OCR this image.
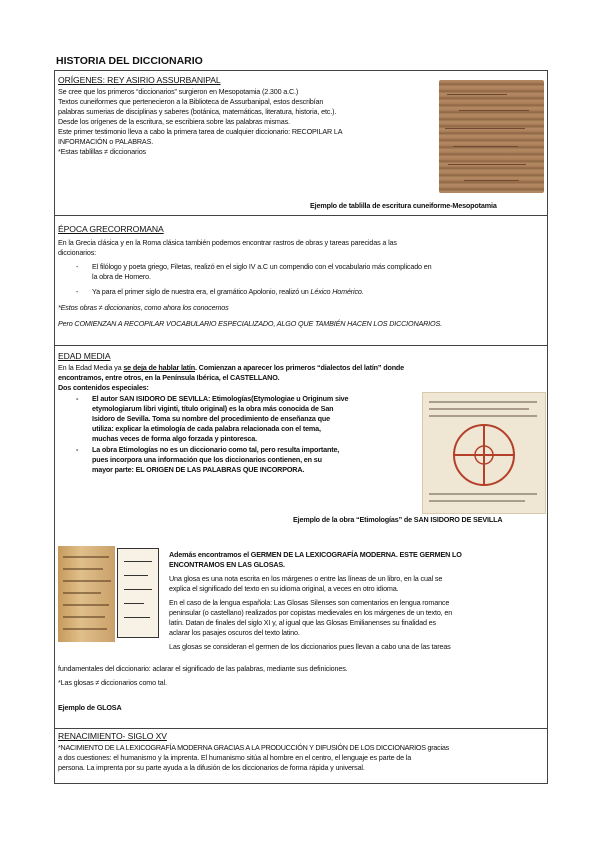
HISTORIA DEL DICCIONARIO
ORÍGENES: REY ASIRIO ASSURBANIPAL

Se cree que los primeros “diccionarios” surgieron en Mesopotamia (2.300 a.C.)

Textos cuneiformes que pertenecieron a la Biblioteca de Assurbanipal, estos describían

palabras sumerias de disciplinas y saberes (botánica, matemáticas, literatura, historia, etc.).

Desde los orígenes de la escritura, se escribiera sobre las palabras mismas.

Este primer testimonio lleva a cabo la primera tarea de cualquier diccionario: RECOPILAR LA

INFORMACIÓN o PALABRAS.

*Estas tablillas ≠ diccionarios

Ejemplo de tablilla de escritura cuneiforme-Mesopotamia
ÉPOCA GRECORROMANA

En la Grecia clásica y en la Roma clásica también podemos encontrar rastros de obras y tareas parecidas a las

diccionarios:

- El filólogo y poeta griego, Filetas, realizó en el siglo IV a.C un compendio con el vocabulario más complicado en
la obra de Homero.
- Ya para el primer siglo de nuestra era, el gramático Apolonio, realizó un Léxico Homérico.

*Estos obras ≠ diccionarios, como ahora los conocemos

Pero COMIENZAN A RECOPILAR VOCABULARIO ESPECIALIZADO, ALGO QUE TAMBIÉN HACEN LOS DICCIONARIOS.

EDAD MEDIA

En la Edad Media ya se deja de hablar latín. Comienzan a aparecer los primeros “dialectos del latín” donde

encontramos, entre otros, en la Península Ibérica, el CASTELLANO.

Dos contenidos especiales:

- El autor SAN ISIDORO DE SEVILLA: Etimologías(Etymologiae u Originum sive
etymologiarum libri viginti, título original) es la obra más conocida de San
Isidoro de Sevilla. Toma su nombre del procedimiento de enseñanza que
utiliza: explicar la etimología de cada palabra relacionada con el tema,
muchas veces de forma algo forzada y pintoresca.
- La obra Etimologías no es un diccionario como tal, pero resulta importante,
pues incorpora una información que los diccionarios contienen, en su
mayor parte: EL ORIGEN DE LAS PALABRAS QUE INCORPORA.
Ejemplo de la obra “Etimologías” de SAN ISIDORO DE SEVILLA

Además encontramos el GERMEN DE LA LEXICOGRAFÍA MODERNA. ESTE GERMEN LO

ENCONTRAMOS EN LAS GLOSAS.

Una glosa es una nota escrita en los márgenes o entre las líneas de un libro, en la cual se

explica el significado del texto en su idioma original, a veces en otro idioma.

En el caso de la lengua española: Las Glosas Silenses son comentarios en lengua romance

peninsular (o castellano) realizados por copistas medievales en los márgenes de un texto, en

latín. Datan de finales del siglo XI y, al igual que las Glosas Emilianenses su finalidad es

aclarar los pasajes oscuros del texto latino.

Las glosas se consideran el germen de los diccionarios pues llevan a cabo una de las tareas

fundamentales del diccionario: aclarar el significado de las palabras, mediante sus definiciones.

*Las glosas ≠ diccionarios como tal.

Ejemplo de GLOSA
RENACIMIENTO- SIGLO XV

*NACIMIENTO DE LA LEXICOGRAFÍA MODERNA GRACIAS A LA PRODUCCIÓN Y DIFUSIÓN DE LOS DICCIONARIOS gracias

a dos cuestiones: el humanismo y la imprenta. El humanismo sitúa al hombre en el centro, el lenguaje es parte de la

persona. La imprenta por su parte ayuda a la difusión de los diccionarios de forma rápida y universal.
